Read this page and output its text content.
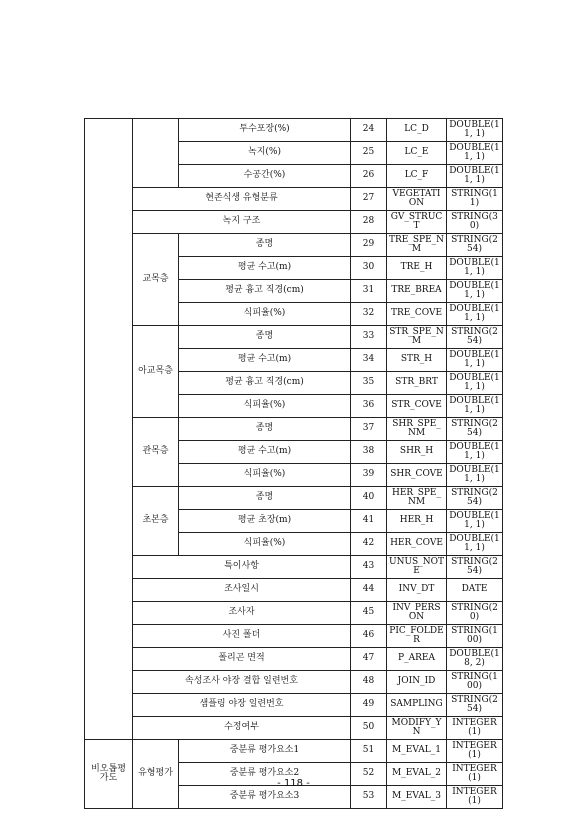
		투수포장(%)	24	LC_D	DOUBLE(11, 1)
		녹지(%)	25	LC_E	DOUBLE(11, 1)
		수공간(%)	26	LC_F	DOUBLE(11, 1)
	현존식생 유형분류		27	VEGETATION	STRING(11)
	녹지 구조		28	GV_STRUCT	STRING(30)
	교목층	종명	29	TRE_SPE_NM	STRING(254)
		평균 수고(m)	30	TRE_H	DOUBLE(11, 1)
		평균 흉고 직경(cm)	31	TRE_BREA	DOUBLE(11, 1)
		식피율(%)	32	TRE_COVE	DOUBLE(11, 1)
	아교목층	종명	33	STR_SPE_NM	STRING(254)
		평균 수고(m)	34	STR_H	DOUBLE(11, 1)
		평균 흉고 직경(cm)	35	STR_BRT	DOUBLE(11, 1)
		식피율(%)	36	STR_COVE	DOUBLE(11, 1)
	관목층	종명	37	SHR_SPE_NM	STRING(254)
		평균 수고(m)	38	SHR_H	DOUBLE(11, 1)
		식피율(%)	39	SHR_COVE	DOUBLE(11, 1)
	초본층	종명	40	HER_SPE_NM	STRING(254)
		평균 초장(m)	41	HER_H	DOUBLE(11, 1)
		식피율(%)	42	HER_COVE	DOUBLE(11, 1)
	특이사항		43	UNUS_NOTE	STRING(254)
	조사일시		44	INV_DT	DATE
	조사자		45	INV_PERSON	STRING(20)
	사진 폴더		46	PIC_FOLDER	STRING(100)
	폴리곤 면적		47	P_AREA	DOUBLE(18, 2)
	속성조사 야장 결합 일련번호		48	JOIN_ID	STRING(100)
	샘플링 야장 일련번호		49	SAMPLING	STRING(254)
	수정여부		50	MODIFY_YN	INTEGER(1)
비오톱평가도	유형평가	중분류 평가요소1	51	M_EVAL_1	INTEGER(1)
		중분류 평가요소2	52	M_EVAL_2	INTEGER(1)
		중분류 평가요소3	53	M_EVAL_3	INTEGER(1)
- 118 -
